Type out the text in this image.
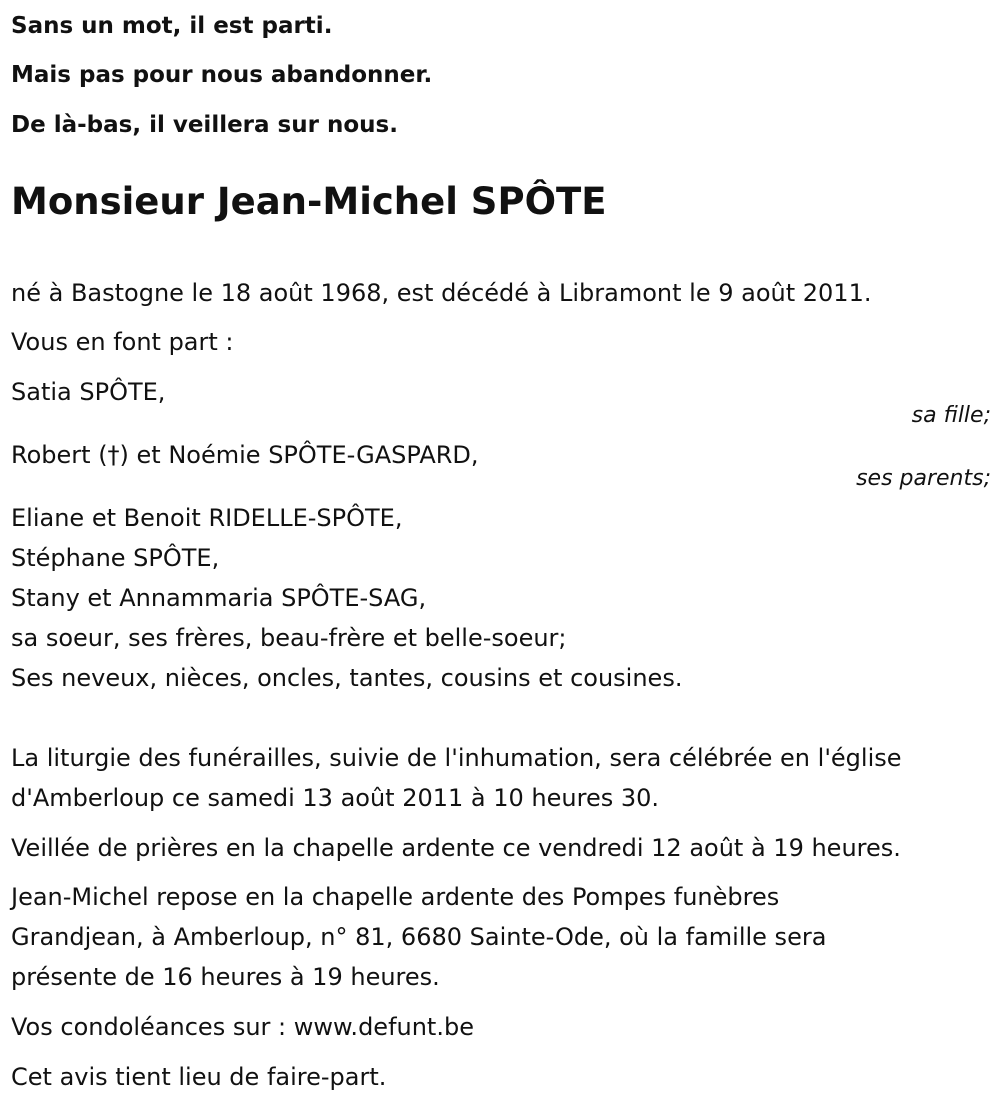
Sans un mot, il est parti.

Mais pas pour nous abandonner.

De là-bas, il veillera sur nous.

Monsieur Jean-Michel SPÔTE

né à Bastogne le 18 août 1968, est décédé à Libramont le 9 août 2011.

Vous en font part :

Satia SPÔTE,

sa fille;

Robert (†) et Noémie SPÔTE-GASPARD,

ses parents;

Eliane et Benoit RIDELLE-SPÔTE,

Stéphane SPÔTE,

Stany et Annammaria SPÔTE-SAG,

sa soeur, ses frères, beau-frère et belle-soeur;

Ses neveux, nièces, oncles, tantes, cousins et cousines.

La liturgie des funérailles, suivie de l'inhumation, sera célébrée en l'église

d'Amberloup ce samedi 13 août 2011 à 10 heures 30.

Veillée de prières en la chapelle ardente ce vendredi 12 août à 19 heures.

Jean-Michel repose en la chapelle ardente des Pompes funèbres

Grandjean, à Amberloup, n° 81, 6680 Sainte-Ode, où la famille sera

présente de 16 heures à 19 heures.

Vos condoléances sur : www.defunt.be

Cet avis tient lieu de faire-part.
